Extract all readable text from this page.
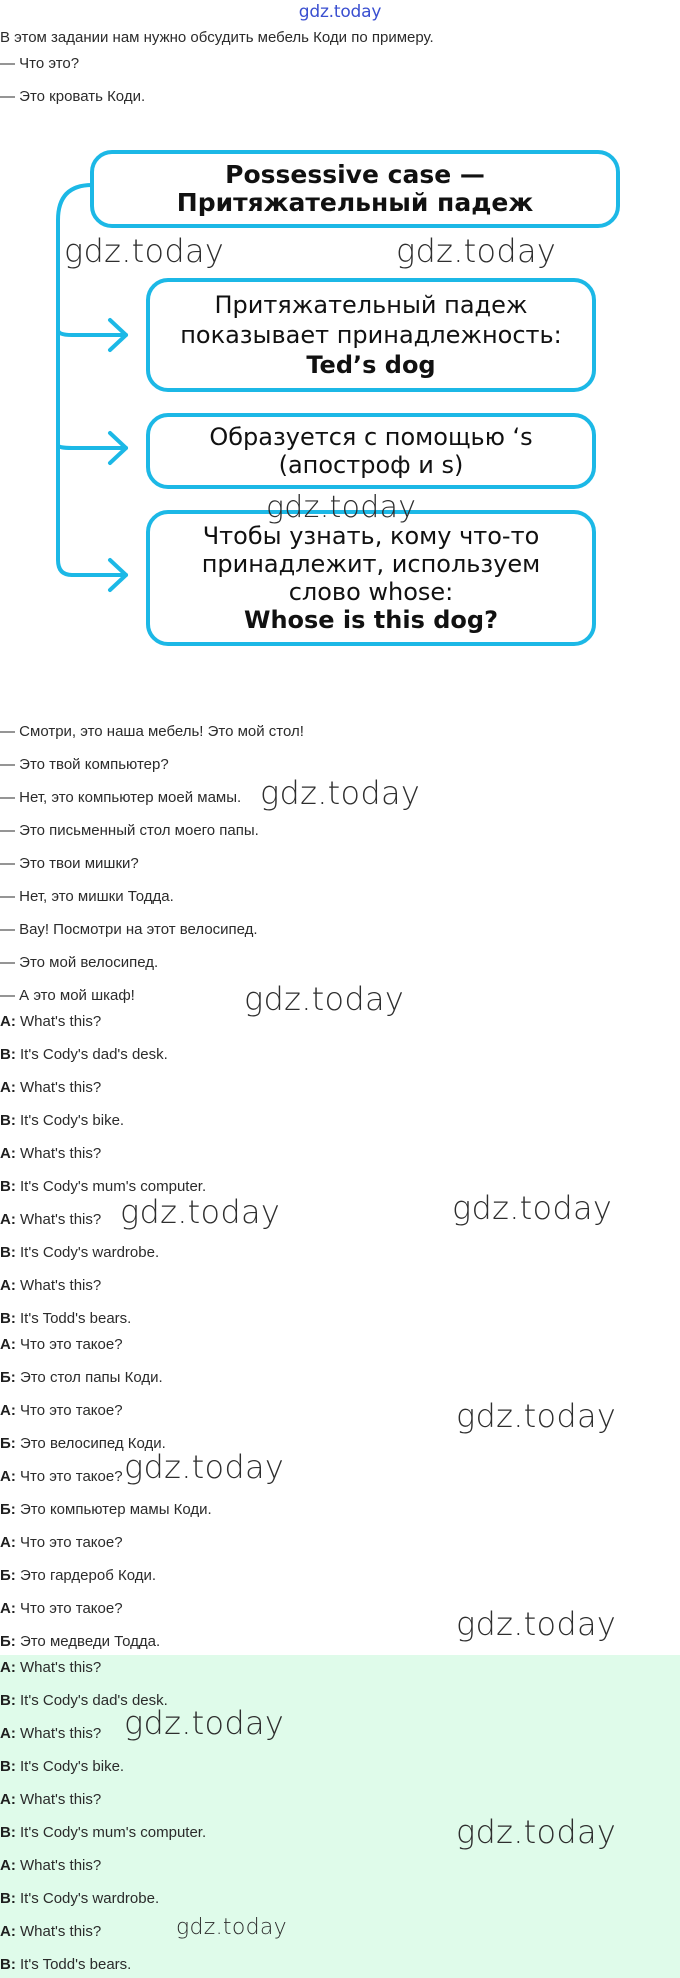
gdz.today
В этом задании нам нужно обсудить мебель Коди по примеру.
— Что это?
— Это кровать Коди.
Possessive case — Притяжательный падеж
Притяжательный падеж
показывает принадлежность:
Ted’s dog
Образуется с помощью ‘s
(апостроф и s)
Чтобы узнать, кому что-то
принадлежит, используем
слово whose:
Whose is this dog?
— Смотри, это наша мебель! Это мой стол!
— Это твой компьютер?
— Нет, это компьютер моей мамы.
— Это письменный стол моего папы.
— Это твои мишки?
— Нет, это мишки Тодда.
— Вау! Посмотри на этот велосипед.
— Это мой велосипед.
— А это мой шкаф!
A: What's this?
B: It's Cody's dad's desk.
A: What's this?
B: It's Cody's bike.
A: What's this?
B: It's Cody's mum's computer.
A: What's this?
B: It's Cody's wardrobe.
A: What's this?
B: It's Todd's bears.
А: Что это такое?
Б: Это стол папы Коди.
А: Что это такое?
Б: Это велосипед Коди.
А: Что это такое?
Б: Это компьютер мамы Коди.
А: Что это такое?
Б: Это гардероб Коди.
А: Что это такое?
Б: Это медведи Тодда.
A: What's this?
B: It's Cody's dad's desk.
A: What's this?
B: It's Cody's bike.
A: What's this?
B: It's Cody's mum's computer.
A: What's this?
B: It's Cody's wardrobe.
A: What's this?
B: It's Todd's bears.
gdz.today	gdz.today
gdz.today
gdz.today
gdz.today
gdz.today	gdz.today
gdz.today
gdz.today
gdz.today
gdz.today
gdz.today
gdz.today
